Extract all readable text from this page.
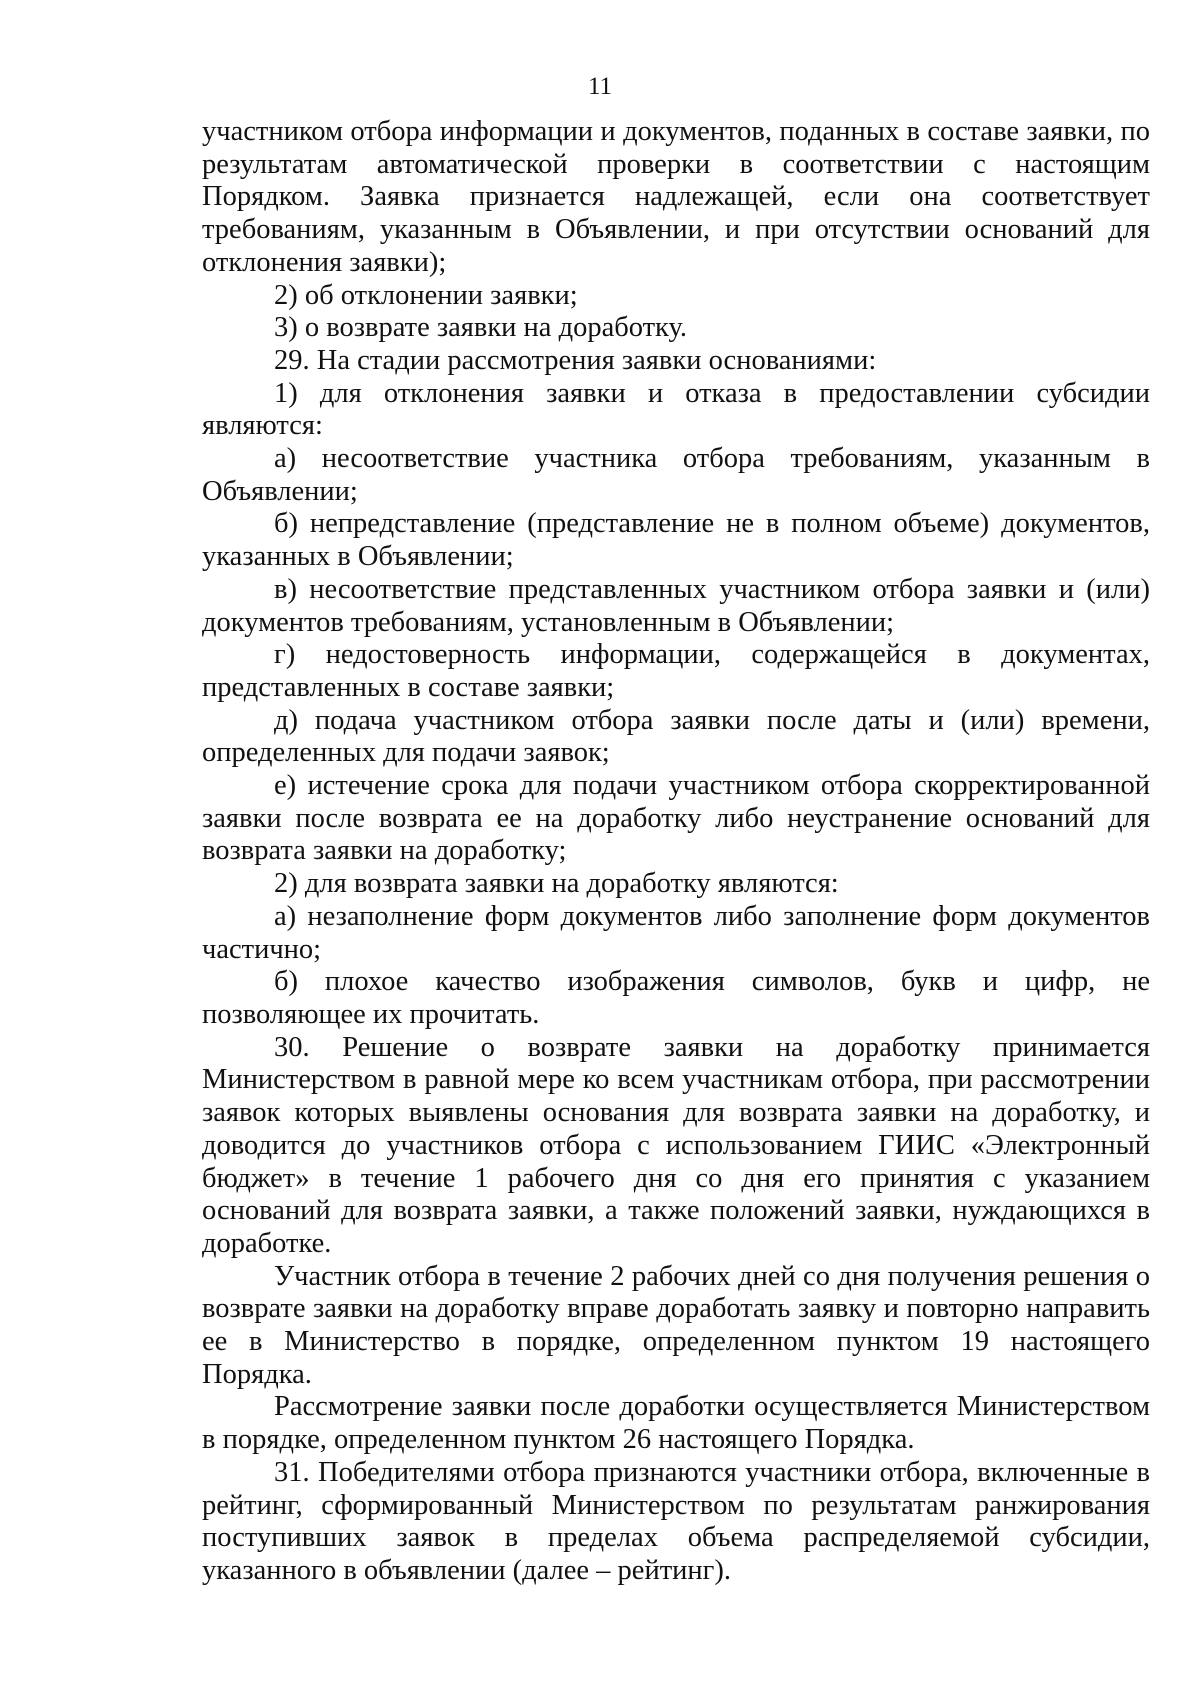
11

участником отбора информации и документов, поданных в составе заявки, по результатам автоматической проверки в соответствии с настоящим Порядком. Заявка признается надлежащей, если она соответствует требованиям, указанным в Объявлении, и при отсутствии оснований для отклонения заявки);

2) об отклонении заявки;

3) о возврате заявки на доработку.

29. На стадии рассмотрения заявки основаниями:

1) для отклонения заявки и отказа в предоставлении субсидии являются:

а) несоответствие участника отбора требованиям, указанным в Объявлении;

б) непредставление (представление не в полном объеме) документов, указанных в Объявлении;

в) несоответствие представленных участником отбора заявки и (или) документов требованиям, установленным в Объявлении;

г) недостоверность информации, содержащейся в документах, представленных в составе заявки;

д) подача участником отбора заявки после даты и (или) времени, определенных для подачи заявок;

е) истечение срока для подачи участником отбора скорректированной заявки после возврата ее на доработку либо неустранение оснований для возврата заявки на доработку;

2) для возврата заявки на доработку являются:

а) незаполнение форм документов либо заполнение форм документов частично;

б) плохое качество изображения символов, букв и цифр, не позволяющее их прочитать.

30. Решение о возврате заявки на доработку принимается Министерством в равной мере ко всем участникам отбора, при рассмотрении заявок которых выявлены основания для возврата заявки на доработку, и доводится до участников отбора с использованием ГИИС «Электронный бюджет» в течение 1 рабочего дня со дня его принятия с указанием оснований для возврата заявки, а также положений заявки, нуждающихся в доработке.

Участник отбора в течение 2 рабочих дней со дня получения решения о возврате заявки на доработку вправе доработать заявку и повторно направить ее в Министерство в порядке, определенном пунктом 19 настоящего Порядка.

Рассмотрение заявки после доработки осуществляется Министерством в порядке, определенном пунктом 26 настоящего Порядка.

31. Победителями отбора признаются участники отбора, включенные в рейтинг, сформированный Министерством по результатам ранжирования поступивших заявок в пределах объема распределяемой субсидии, указанного в объявлении (далее – рейтинг).
